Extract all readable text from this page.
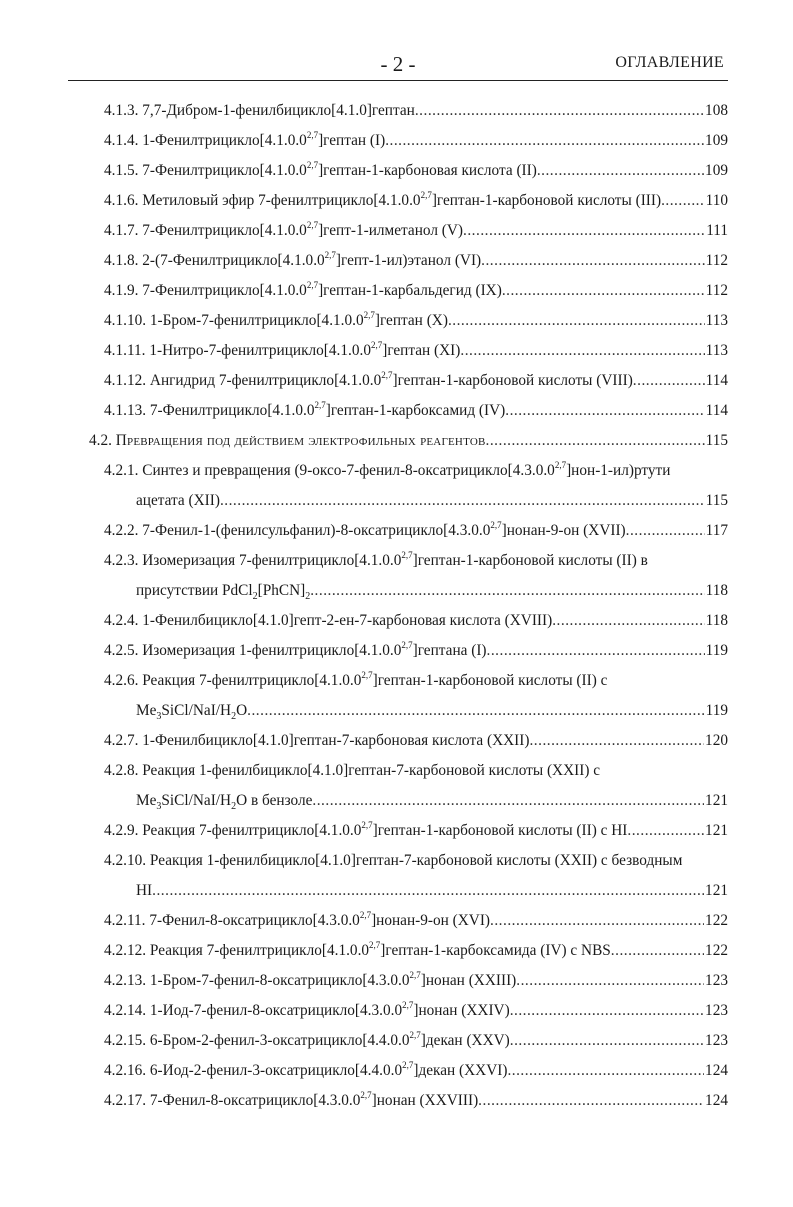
- 2 -	ОГЛАВЛЕНИЕ
4.1.3. 7,7-Дибром-1-фенилбицикло[4.1.0]гептан .....	108
4.1.4. 1-Фенилтрицикло[4.1.0.0$^{2,7}$]гептан (I) .....	109
4.1.5. 7-Фенилтрицикло[4.1.0.0$^{2,7}$]гептан-1-карбоновая кислота (II) .....	109
4.1.6. Метиловый эфир 7-фенилтрицикло[4.1.0.0$^{2,7}$]гептан-1-карбоновой кислоты (III) .....	110
4.1.7. 7-Фенилтрицикло[4.1.0.0$^{2,7}$]гепт-1-илметанол (V) .....	111
4.1.8. 2-(7-Фенилтрицикло[4.1.0.0$^{2,7}$]гепт-1-ил)этанол (VI) .....	112
4.1.9. 7-Фенилтрицикло[4.1.0.0$^{2,7}$]гептан-1-карбальдегид (IX) .....	112
4.1.10. 1-Бром-7-фенилтрицикло[4.1.0.0$^{2,7}$]гептан (X) .....	113
4.1.11. 1-Нитро-7-фенилтрицикло[4.1.0.0$^{2,7}$]гептан (XI) .....	113
4.1.12. Ангидрид 7-фенилтрицикло[4.1.0.0$^{2,7}$]гептан-1-карбоновой кислоты (VIII) .....	114
4.1.13. 7-Фенилтрицикло[4.1.0.0$^{2,7}$]гептан-1-карбоксамид (IV) .....	114
4.2. Превращения под действием электрофильных реагентов .....	115
4.2.1. Синтез и превращения (9-оксо-7-фенил-8-оксатрицикло[4.3.0.0$^{2,7}$]нон-1-ил)ртути
ацетата (XII) .....	115
4.2.2. 7-Фенил-1-(фенилсульфанил)-8-оксатрицикло[4.3.0.0$^{2,7}$]нонан-9-он (XVII) .....	117
4.2.3. Изомеризация 7-фенилтрицикло[4.1.0.0$^{2,7}$]гептан-1-карбоновой кислоты (II) в
присутствии $PdCl_2[PhCN]_2$ .....	118
4.2.4. 1-Фенилбицикло[4.1.0]гепт-2-ен-7-карбоновая кислота (XVIII) .....	118
4.2.5. Изомеризация 1-фенилтрицикло[4.1.0.0$^{2,7}$]гептана (I) .....	119
4.2.6. Реакция 7-фенилтрицикло[4.1.0.0$^{2,7}$]гептан-1-карбоновой кислоты (II) с
$Me_3SiCl/NaI/H_2O$ .....	119
4.2.7. 1-Фенилбицикло[4.1.0]гептан-7-карбоновая кислота (XXII) .....	120
4.2.8. Реакция 1-фенилбицикло[4.1.0]гептан-7-карбоновой кислоты (XXII) с
$Me_3SiCl/NaI/H_2O$ в бензоле .....	121
4.2.9. Реакция 7-фенилтрицикло[4.1.0.0$^{2,7}$]гептан-1-карбоновой кислоты (II) с HI .....	121
4.2.10. Реакция 1-фенилбицикло[4.1.0]гептан-7-карбоновой кислоты (XXII) с безводным
HI .....	121
4.2.11. 7-Фенил-8-оксатрицикло[4.3.0.0$^{2,7}$]нонан-9-он (XVI) .....	122
4.2.12. Реакция 7-фенилтрицикло[4.1.0.0$^{2,7}$]гептан-1-карбоксамида (IV) с NBS .....	122
4.2.13. 1-Бром-7-фенил-8-оксатрицикло[4.3.0.0$^{2,7}$]нонан (XXIII) .....	123
4.2.14. 1-Иод-7-фенил-8-оксатрицикло[4.3.0.0$^{2,7}$]нонан (XXIV) .....	123
4.2.15. 6-Бром-2-фенил-3-оксатрицикло[4.4.0.0$^{2,7}$]декан (XXV) .....	123
4.2.16. 6-Иод-2-фенил-3-оксатрицикло[4.4.0.0$^{2,7}$]декан (XXVI) .....	124
4.2.17. 7-Фенил-8-оксатрицикло[4.3.0.0$^{2,7}$]нонан (XXVIII) .....	124
